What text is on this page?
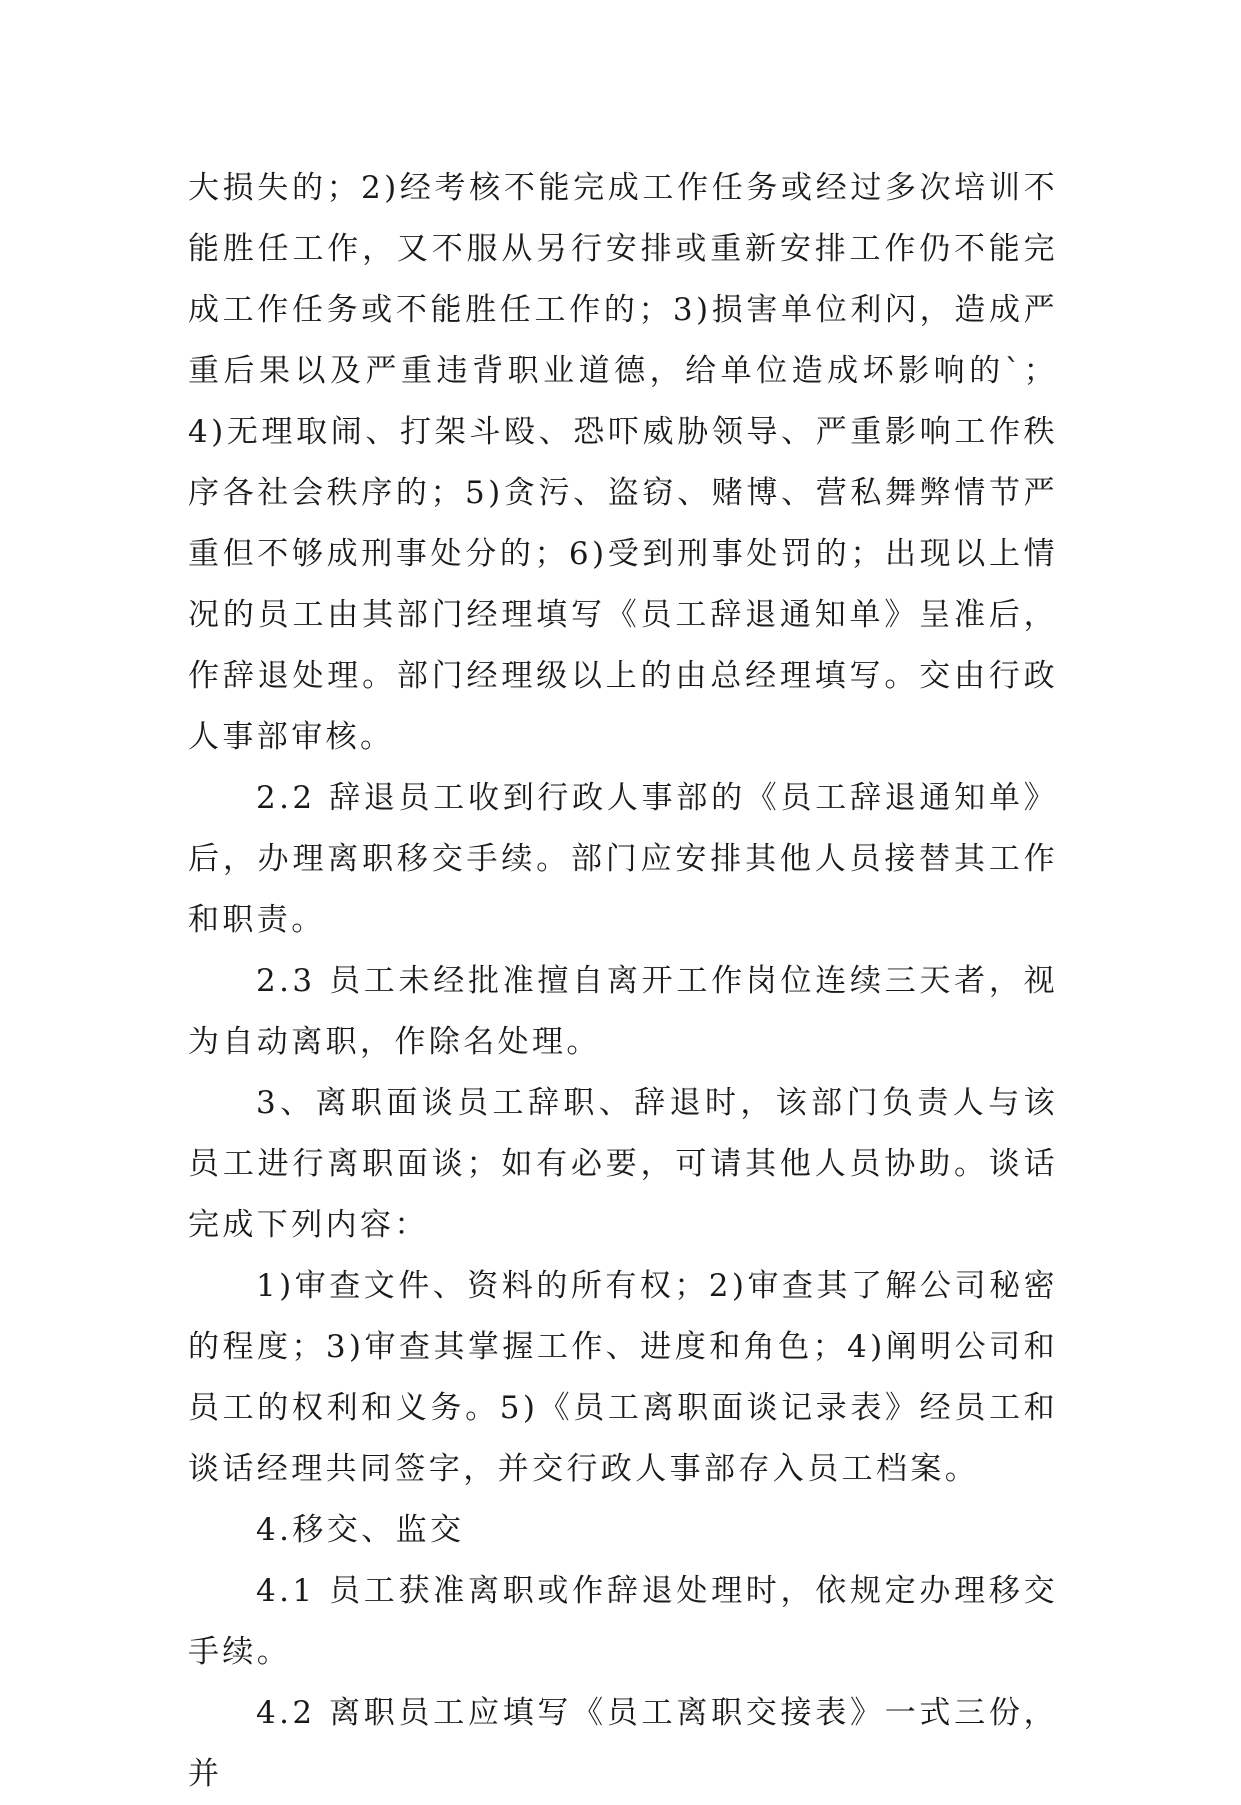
大损失的；2)经考核不能完成工作任务或经过多次培训不能胜任工作，又不服从另行安排或重新安排工作仍不能完成工作任务或不能胜任工作的；3)损害单位利闪，造成严重后果以及严重违背职业道德，给单位造成坏影响的`；4)无理取闹、打架斗殴、恐吓威胁领导、严重影响工作秩序各社会秩序的；5)贪污、盗窃、赌博、营私舞弊情节严重但不够成刑事处分的；6)受到刑事处罚的；出现以上情况的员工由其部门经理填写《员工辞退通知单》呈准后，作辞退处理。部门经理级以上的由总经理填写。交由行政人事部审核。

2.2 辞退员工收到行政人事部的《员工辞退通知单》后，办理离职移交手续。部门应安排其他人员接替其工作和职责。

2.3 员工未经批准擅自离开工作岗位连续三天者，视为自动离职，作除名处理。

3、离职面谈员工辞职、辞退时，该部门负责人与该员工进行离职面谈；如有必要，可请其他人员协助。谈话完成下列内容：

1)审查文件、资料的所有权；2)审查其了解公司秘密的程度；3)审查其掌握工作、进度和角色；4)阐明公司和员工的权利和义务。5)《员工离职面谈记录表》经员工和谈话经理共同签字，并交行政人事部存入员工档案。

4.移交、监交

4.1 员工获准离职或作辞退处理时，依规定办理移交手续。

4.2 离职员工应填写《员工离职交接表》一式三份，并
